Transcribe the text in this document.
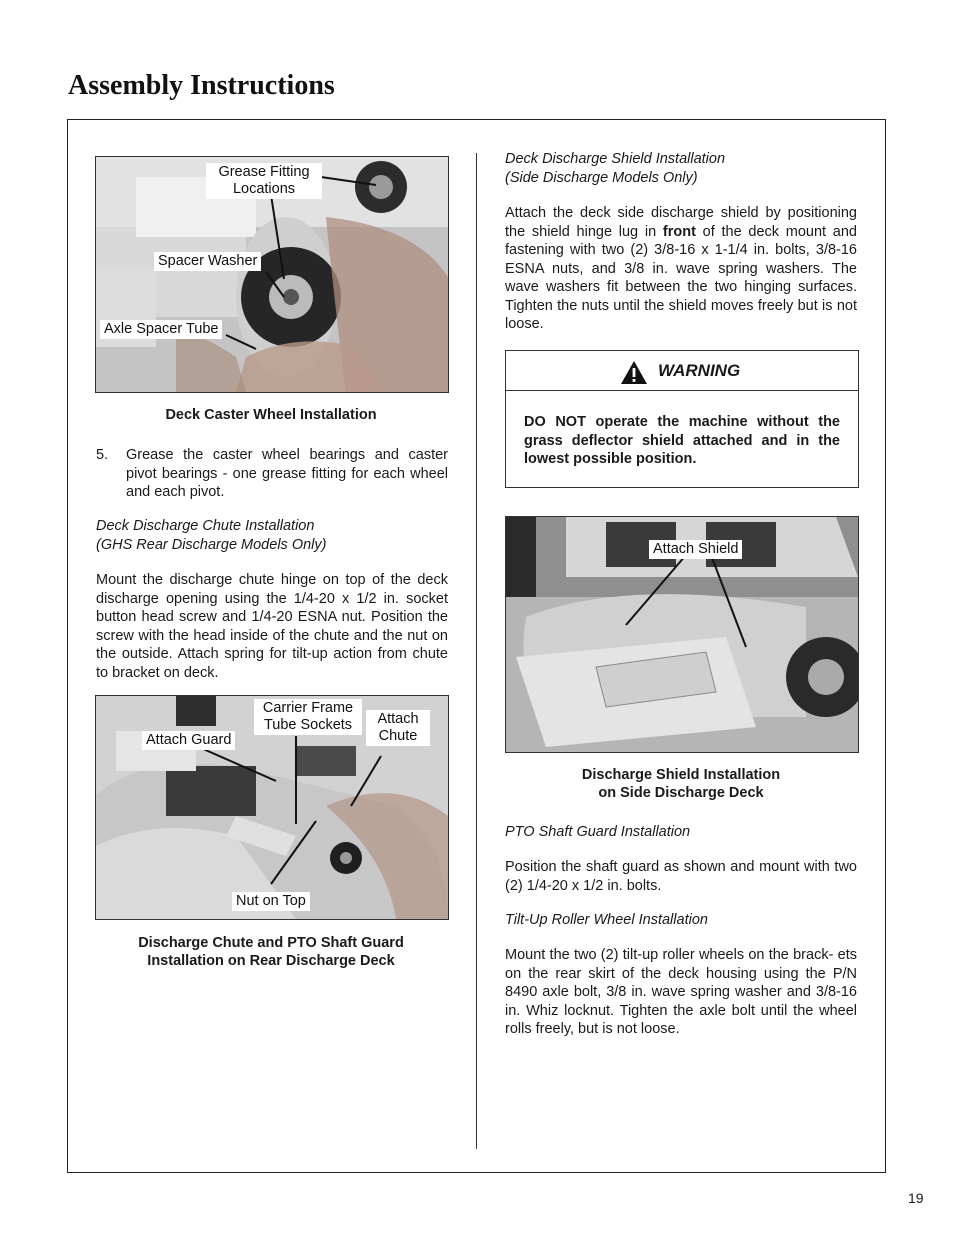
Assembly Instructions
Grease Fitting
Locations
Spacer Washer
Axle Spacer Tube

Deck Caster Wheel Installation

5. Grease the caster wheel bearings and caster pivot bearings - one grease fitting for each wheel and each pivot.

Deck Discharge Chute Installation
(GHS Rear Discharge Models Only)

Mount the discharge chute hinge on top of the deck discharge opening using the 1/4-20 x 1/2 in. socket button head screw and 1/4-20 ESNA nut. Position the screw with the head inside of the chute and the nut on the outside. Attach spring for tilt-up action from chute to bracket on deck.

Attach Guard
Carrier Frame
Tube Sockets	Attach
Chute
Nut on Top

Discharge Chute and PTO Shaft Guard
Installation on Rear Discharge Deck

Deck Discharge Shield Installation
(Side Discharge Models Only)

Attach the deck side discharge shield by positioning the shield hinge lug in front of the deck mount and fastening with two (2) 3/8-16 x 1-1/4 in. bolts, 3/8-16 ESNA nuts, and 3/8 in. wave spring washers. The wave washers fit between the two hinging surfaces. Tighten the nuts until the shield moves freely but is not loose.

WARNING

DO NOT operate the machine without the grass deflector shield attached and in the lowest possible position.

Attach Shield

Discharge Shield Installation
on Side Discharge Deck

PTO Shaft Guard Installation

Position the shaft guard as shown and mount with two (2) 1/4-20 x 1/2 in. bolts.

Tilt-Up Roller Wheel Installation

Mount the two (2) tilt-up roller wheels on the brack- ets on the rear skirt of the deck housing using the P/N 8490 axle bolt, 3/8 in. wave spring washer and 3/8-16 in. Whiz locknut. Tighten the axle bolt until the wheel rolls freely, but is not loose.

19
